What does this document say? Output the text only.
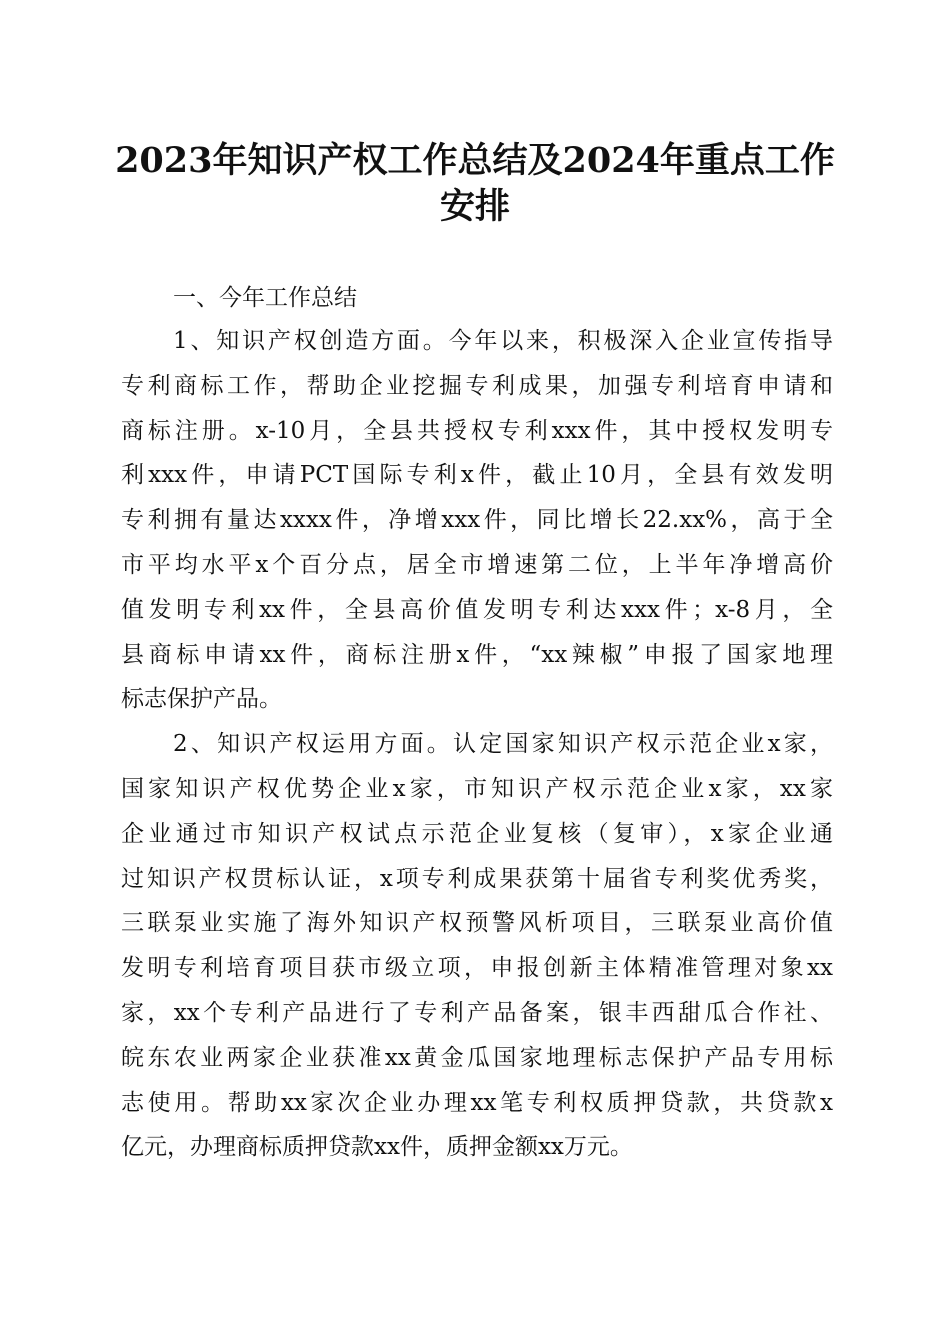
2023年知识产权工作总结及2024年重点工作
安排
一、今年工作总结

1、知识产权创造方面。今年以来，积极深入企业宣传指导
专利商标工作，帮助企业挖掘专利成果，加强专利培育申请和
商标注册。x-10月，全县共授权专利xxx件，其中授权发明专
利xxx件，申请PCT国际专利x件，截止10月，全县有效发明
专利拥有量达xxxx件，净增xxx件，同比增长22.xx%，高于全
市平均水平x个百分点，居全市增速第二位，上半年净增高价
值发明专利xx件，全县高价值发明专利达xxx件；x-8月，全
县商标申请xx件，商标注册x件，“xx辣椒”申报了国家地理
标志保护产品。

2、知识产权运用方面。认定国家知识产权示范企业x家，
国家知识产权优势企业x家，市知识产权示范企业x家，xx家
企业通过市知识产权试点示范企业复核（复审），x家企业通
过知识产权贯标认证，x项专利成果获第十届省专利奖优秀奖，
三联泵业实施了海外知识产权预警风析项目，三联泵业高价值
发明专利培育项目获市级立项，申报创新主体精准管理对象xx
家，xx个专利产品进行了专利产品备案，银丰西甜瓜合作社、
皖东农业两家企业获准xx黄金瓜国家地理标志保护产品专用标
志使用。帮助xx家次企业办理xx笔专利权质押贷款，共贷款x
亿元，办理商标质押贷款xx件，质押金额xx万元。
